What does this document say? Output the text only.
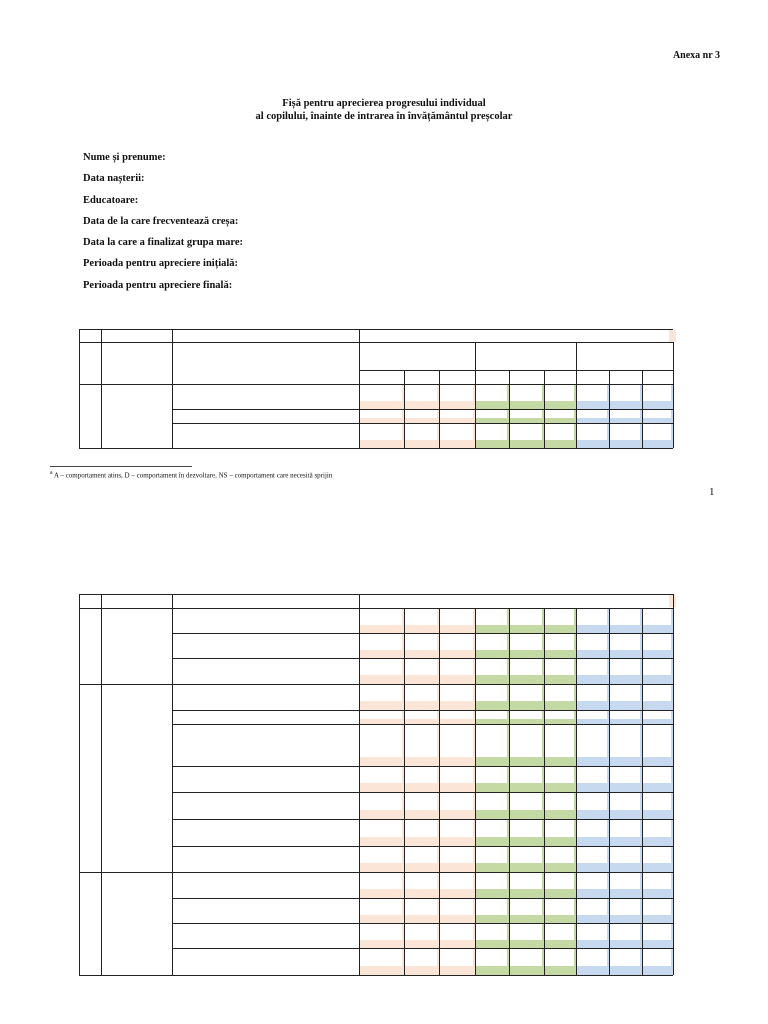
Anexa nr 3
Fișă pentru aprecierea progresului individual
al copilului, înainte de intrarea în învățământul preșcolar
Nume și prenume:
Data nașterii:
Educatoare:
Data de la care frecventează creșa:
Data la care a finalizat grupa mare:
Perioada pentru apreciere inițială:
Perioada pentru apreciere finală:
$^a$ A – comportament atins, D – comportament în dezvoltare, NS – comportament care necesită sprijin
1
